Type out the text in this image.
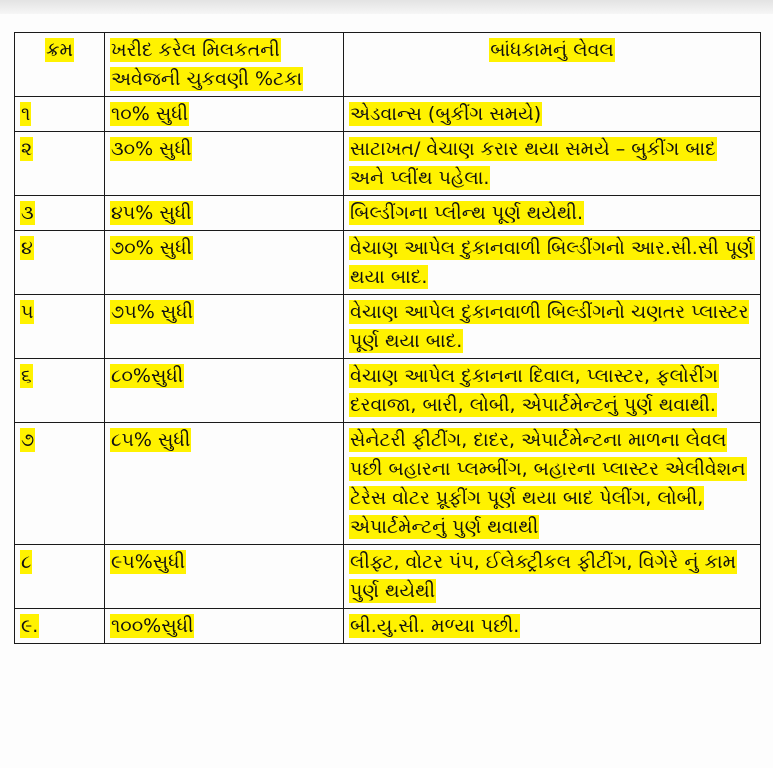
ક્રમ	ખરીદ કરેલ મિલકતની અવેજની ચુકવણી %ટકા	બાંધકામનું લેવલ
૧	૧૦% સુધી	એડવાન્સ (બુકીંગ સમયે)
૨	૩૦% સુધી	સાટાખત/ વેચાણ કરાર થયા સમયે – બુકીંગ બાદ અને પ્લીંથ પહેલા.
૩	૪૫% સુધી	બિલ્ડીંગના પ્લીન્થ પૂર્ણ થયેથી.
૪	૭૦% સુધી	વેચાણ આપેલ દુકાનવાળી બિલ્ડીંગનો આર.સી.સી પૂર્ણ થયા બાદ.
૫	૭૫% સુધી	વેચાણ આપેલ દુકાનવાળી બિલ્ડીંગનો ચણતર પ્લાસ્ટર પૂર્ણ થયા બાદ.
૬	૮૦%સુધી	વેચાણ આપેલ દુકાનના દિવાલ, પ્લાસ્ટર, ફલોરીંગ દરવાજા, બારી, લોબી, એપાર્ટમેન્ટનું પુર્ણ થવાથી.
૭	૮૫% સુધી	સેનેટરી ફીટીંગ, દાદર, એપાર્ટમેન્ટના માળના લેવલ પછી બહારના પ્લમ્બીંગ, બહારના પ્લાસ્ટર એલીવેશન ટેરેસ વોટર પ્રૂફીંગ પૂર્ણ થયા બાદ પેલીંગ, લોબી, એપાર્ટમેન્ટનું પુર્ણ થવાથી
૮	૯૫%સુધી	લીફ્ટ, વોટર પંપ, ઈલેક્ટ્રીકલ ફીટીંગ, વિગેરે નું કામ પુર્ણ થયેથી
૯.	૧૦૦%સુધી	બી.યુ.સી. મળ્યા પછી.
